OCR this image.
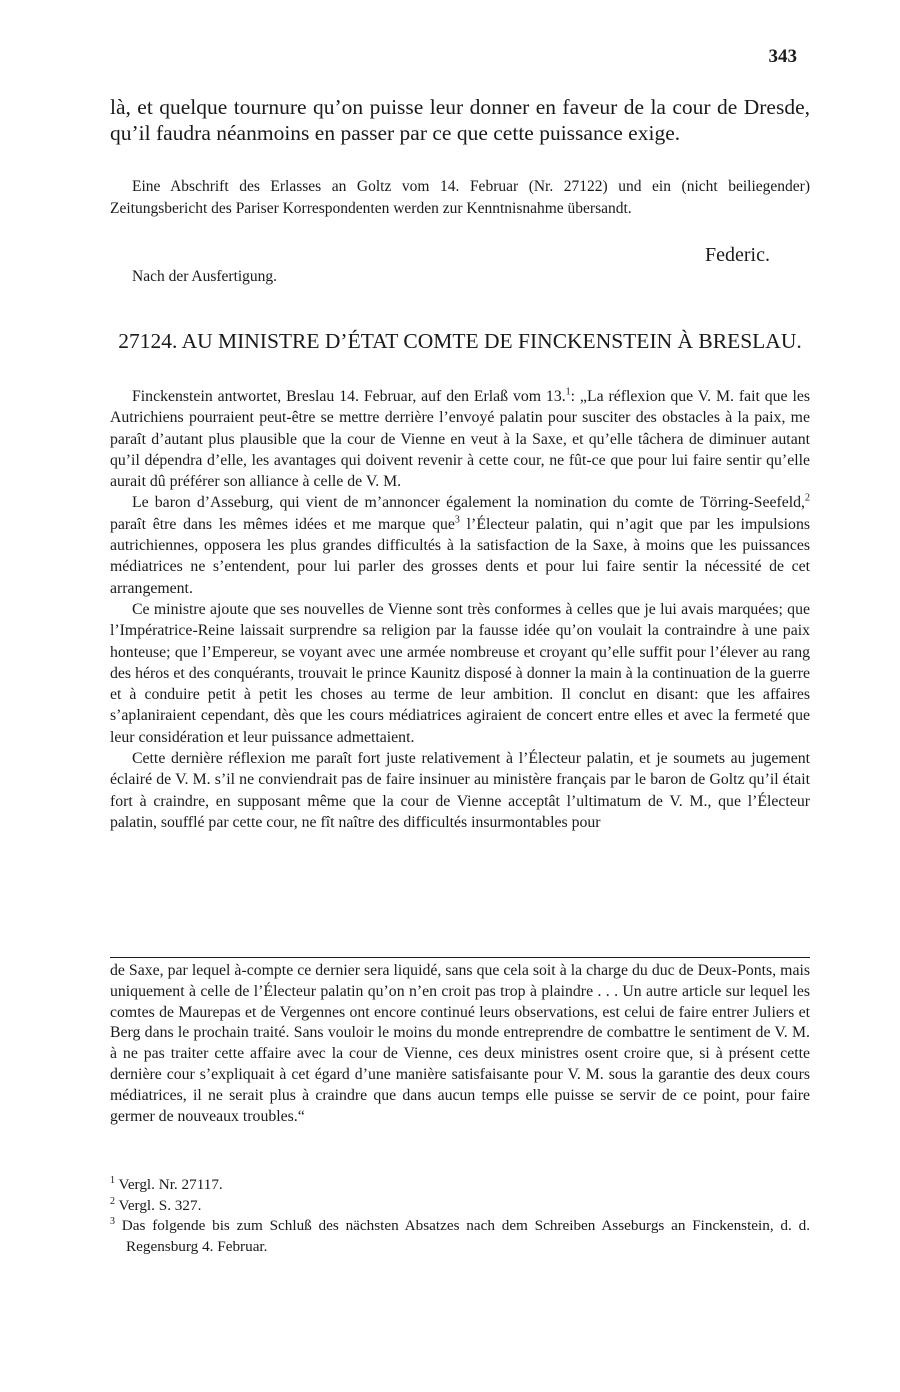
343

là, et quelque tournure qu’on puisse leur donner en faveur de la cour de Dresde, qu’il faudra néanmoins en passer par ce que cette puissance exige.

Eine Abschrift des Erlasses an Goltz vom 14. Februar (Nr. 27122) und ein (nicht beiliegender) Zeitungsbericht des Pariser Korrespondenten werden zur Kenntnisnahme übersandt.

Federic.

Nach der Ausfertigung.

27124. AU MINISTRE D’ÉTAT COMTE DE FINCKENSTEIN À BRESLAU.

Finckenstein antwortet, Breslau 14. Februar, auf den Erlaß vom 13.$^1$: „La réflexion que V. M. fait que les Autrichiens pourraient peut-être se mettre derrière l’envoyé palatin pour susciter des obstacles à la paix, me paraît d’autant plus plausible que la cour de Vienne en veut à la Saxe, et qu’elle tâchera de diminuer autant qu’il dépendra d’elle, les avantages qui doivent revenir à cette cour, ne fût-ce que pour lui faire sentir qu’elle aurait dû préférer son alliance à celle de V. M.

Le baron d’Asseburg, qui vient de m’annoncer également la nomination du comte de Törring-Seefeld,$^2$ paraît être dans les mêmes idées et me marque que$^3$ l’Électeur palatin, qui n’agit que par les impulsions autrichiennes, opposera les plus grandes difficultés à la satisfaction de la Saxe, à moins que les puissances médiatrices ne s’entendent, pour lui parler des grosses dents et pour lui faire sentir la nécessité de cet arrangement.

Ce ministre ajoute que ses nouvelles de Vienne sont très conformes à celles que je lui avais marquées; que l’Impératrice-Reine laissait surprendre sa religion par la fausse idée qu’on voulait la contraindre à une paix honteuse; que l’Empereur, se voyant avec une armée nombreuse et croyant qu’elle suffit pour l’élever au rang des héros et des conquérants, trouvait le prince Kaunitz disposé à donner la main à la continuation de la guerre et à conduire petit à petit les choses au terme de leur ambition. Il conclut en disant: que les affaires s’aplaniraient cependant, dès que les cours médiatrices agiraient de concert entre elles et avec la fermeté que leur considération et leur puissance admettaient.

Cette dernière réflexion me paraît fort juste relativement à l’Électeur palatin, et je soumets au jugement éclairé de V. M. s’il ne conviendrait pas de faire insinuer au ministère français par le baron de Goltz qu’il était fort à craindre, en supposant même que la cour de Vienne acceptât l’ultimatum de V. M., que l’Électeur palatin, soufflé par cette cour, ne fît naître des difficultés insurmontables pour

de Saxe, par lequel à-compte ce dernier sera liquidé, sans que cela soit à la charge du duc de Deux-Ponts, mais uniquement à celle de l’Électeur palatin qu’on n’en croit pas trop à plaindre . . . Un autre article sur lequel les comtes de Maurepas et de Vergennes ont encore continué leurs observations, est celui de faire entrer Juliers et Berg dans le prochain traité. Sans vouloir le moins du monde entreprendre de combattre le sentiment de V. M. à ne pas traiter cette affaire avec la cour de Vienne, ces deux ministres osent croire que, si à présent cette dernière cour s’expliquait à cet égard d’une manière satisfaisante pour V. M. sous la garantie des deux cours médiatrices, il ne serait plus à craindre que dans aucun temps elle puisse se servir de ce point, pour faire germer de nouveaux troubles.“

$^1$ Vergl. Nr. 27117.

$^2$ Vergl. S. 327.

$^3$ Das folgende bis zum Schluß des nächsten Absatzes nach dem Schreiben Asseburgs an Finckenstein, d. d. Regensburg 4. Februar.
